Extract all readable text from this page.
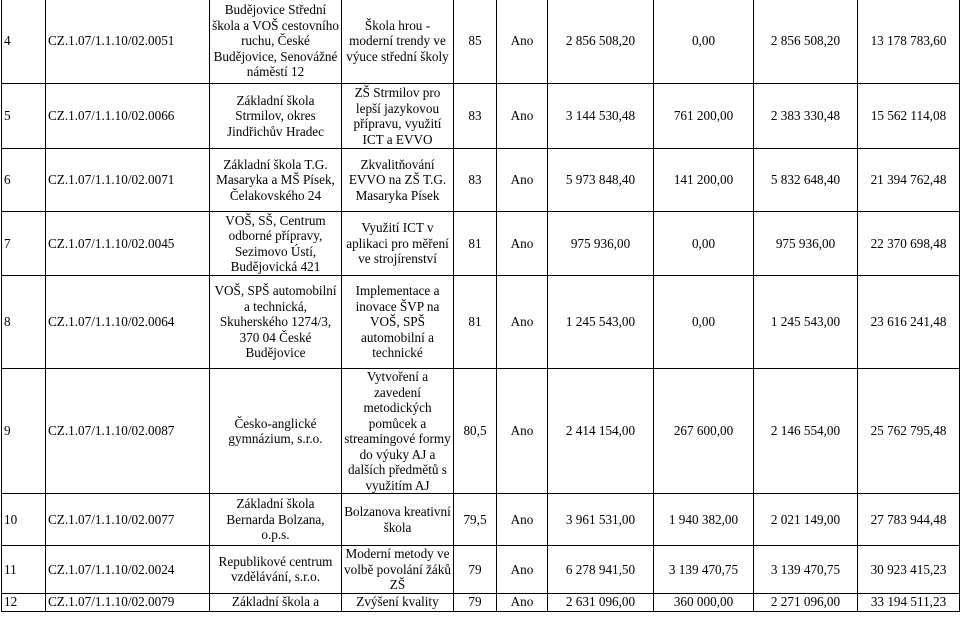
4	CZ.1.07/1.1.10/02.0051	Budějovice Střední škola a VOŠ cestovního ruchu, České Budějovice, Senovážné náměstí 12	Škola hrou - moderní trendy ve výuce střední školy	85	Ano	2 856 508,20	0,00	2 856 508,20	13 178 783,60
5	CZ.1.07/1.1.10/02.0066	Základní škola Strmilov, okres Jindřichův Hradec	ZŠ Strmilov pro lepší jazykovou přípravu, využití ICT a EVVO	83	Ano	3 144 530,48	761 200,00	2 383 330,48	15 562 114,08
6	CZ.1.07/1.1.10/02.0071	Základní škola T.G. Masaryka a MŠ Písek, Čelakovského 24	Zkvalitňování EVVO na ZŠ T.G. Masaryka Písek	83	Ano	5 973 848,40	141 200,00	5 832 648,40	21 394 762,48
7	CZ.1.07/1.1.10/02.0045	VOŠ, SŠ, Centrum odborné přípravy, Sezimovo Ústí, Budějovická 421	Využití ICT v aplikaci pro měření ve strojírenství	81	Ano	975 936,00	0,00	975 936,00	22 370 698,48
8	CZ.1.07/1.1.10/02.0064	VOŠ, SPŠ automobilní a technická, Skuherského 1274/3, 370 04 České Budějovice	Implementace a inovace ŠVP na VOŠ, SPŠ automobilní a technické	81	Ano	1 245 543,00	0,00	1 245 543,00	23 616 241,48
9	CZ.1.07/1.1.10/02.0087	Česko-anglické gymnázium, s.r.o.	Vytvoření a zavedení metodických pomůcek a streamingové formy do výuky AJ a dalších předmětů s využitím AJ	80,5	Ano	2 414 154,00	267 600,00	2 146 554,00	25 762 795,48
10	CZ.1.07/1.1.10/02.0077	Základní škola Bernarda Bolzana, o.p.s.	Bolzanova kreativní škola	79,5	Ano	3 961 531,00	1 940 382,00	2 021 149,00	27 783 944,48
11	CZ.1.07/1.1.10/02.0024	Republikové centrum vzdělávání, s.r.o.	Moderní metody ve volbě povolání žáků ZŠ	79	Ano	6 278 941,50	3 139 470,75	3 139 470,75	30 923 415,23
12	CZ.1.07/1.1.10/02.0079	Základní škola a	Zvýšení kvality	79	Ano	2 631 096,00	360 000,00	2 271 096,00	33 194 511,23
